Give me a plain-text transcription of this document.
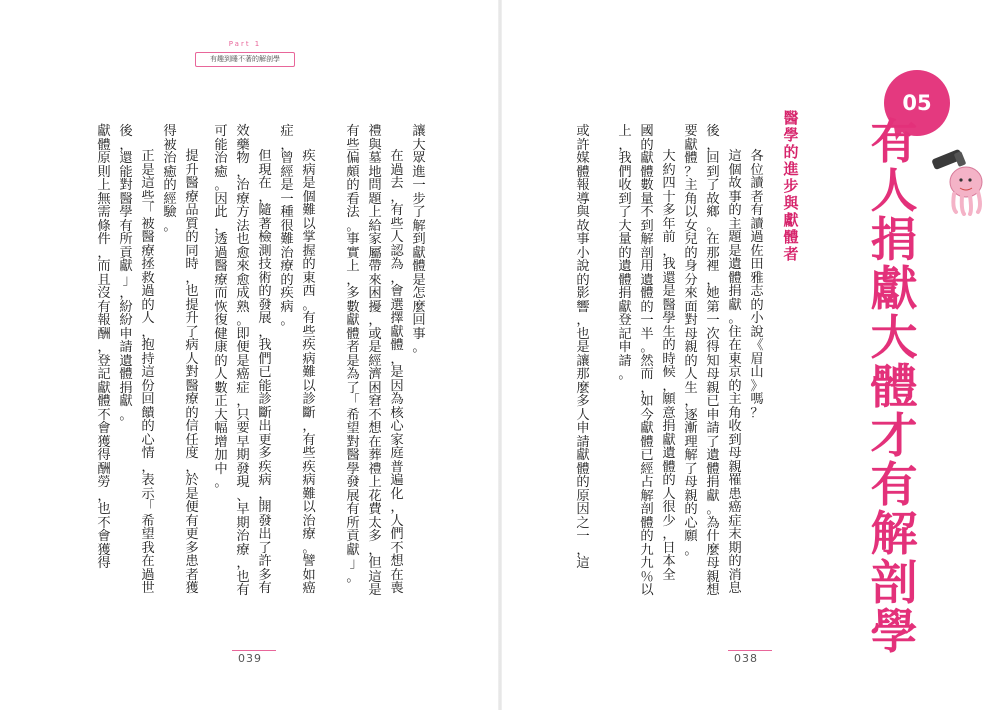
Part 1
有趣到睡不著的解剖學
05
有人捐獻大體才有解剖學
醫學的進步與獻體者
各位讀者有讀過佐田雅志的小說《眉山》嗎？
這個故事的主題是遺體捐獻。住在東京的主角收到母親罹患癌症末期的消息
後，回到了故鄉。在那裡，她第一次得知母親已申請了遺體捐獻。為什麼母親想
要獻體？主角以女兒的身分來面對母親的人生，逐漸理解了母親的心願。
大約四十多年前，我還是醫學生的時候，願意捐獻遺體的人很少，日本全
國的獻體數量不到解剖用遺體的一半。然而，如今獻體已經占解剖體的九九％以
上，我們收到了大量的遺體捐獻登記申請。
或許媒體報導與故事小說的影響，也是讓那麼多人申請獻體的原因之一，這
讓大眾進一步了解到獻體是怎麼回事。
在過去，有些人認為，會選擇獻體，是因為核心家庭普遍化，人們不想在喪
禮與墓地問題上給家屬帶來困擾，或是經濟困窘不想在葬禮上花費太多，但這是
有些偏頗的看法。事實上，多數獻體者是為了「希望對醫學發展有所貢獻」。
疾病是個難以掌握的東西。有些疾病難以診斷，有些疾病難以治療。譬如癌
症，曾經是一種很難治療的疾病。
但現在，隨著檢測技術的發展，我們已能診斷出更多疾病，開發出了許多有
效藥物，治療方法也愈來愈成熟。即便是癌症，只要早期發現、早期治療，也有
可能治癒。因此，透過醫療而恢復健康的人數正大幅增加中。
提升醫療品質的同時，也提升了病人對醫療的信任度，於是便有更多患者獲
得被治癒的經驗。
正是這些「被醫療拯救過的人，抱持這份回饋的心情，表示「希望我在過世
後，還能對醫學有所貢獻」，紛紛申請遺體捐獻。
獻體原則上無需條件，而且沒有報酬，登記獻體不會獲得酬勞，也不會獲得
039	038
